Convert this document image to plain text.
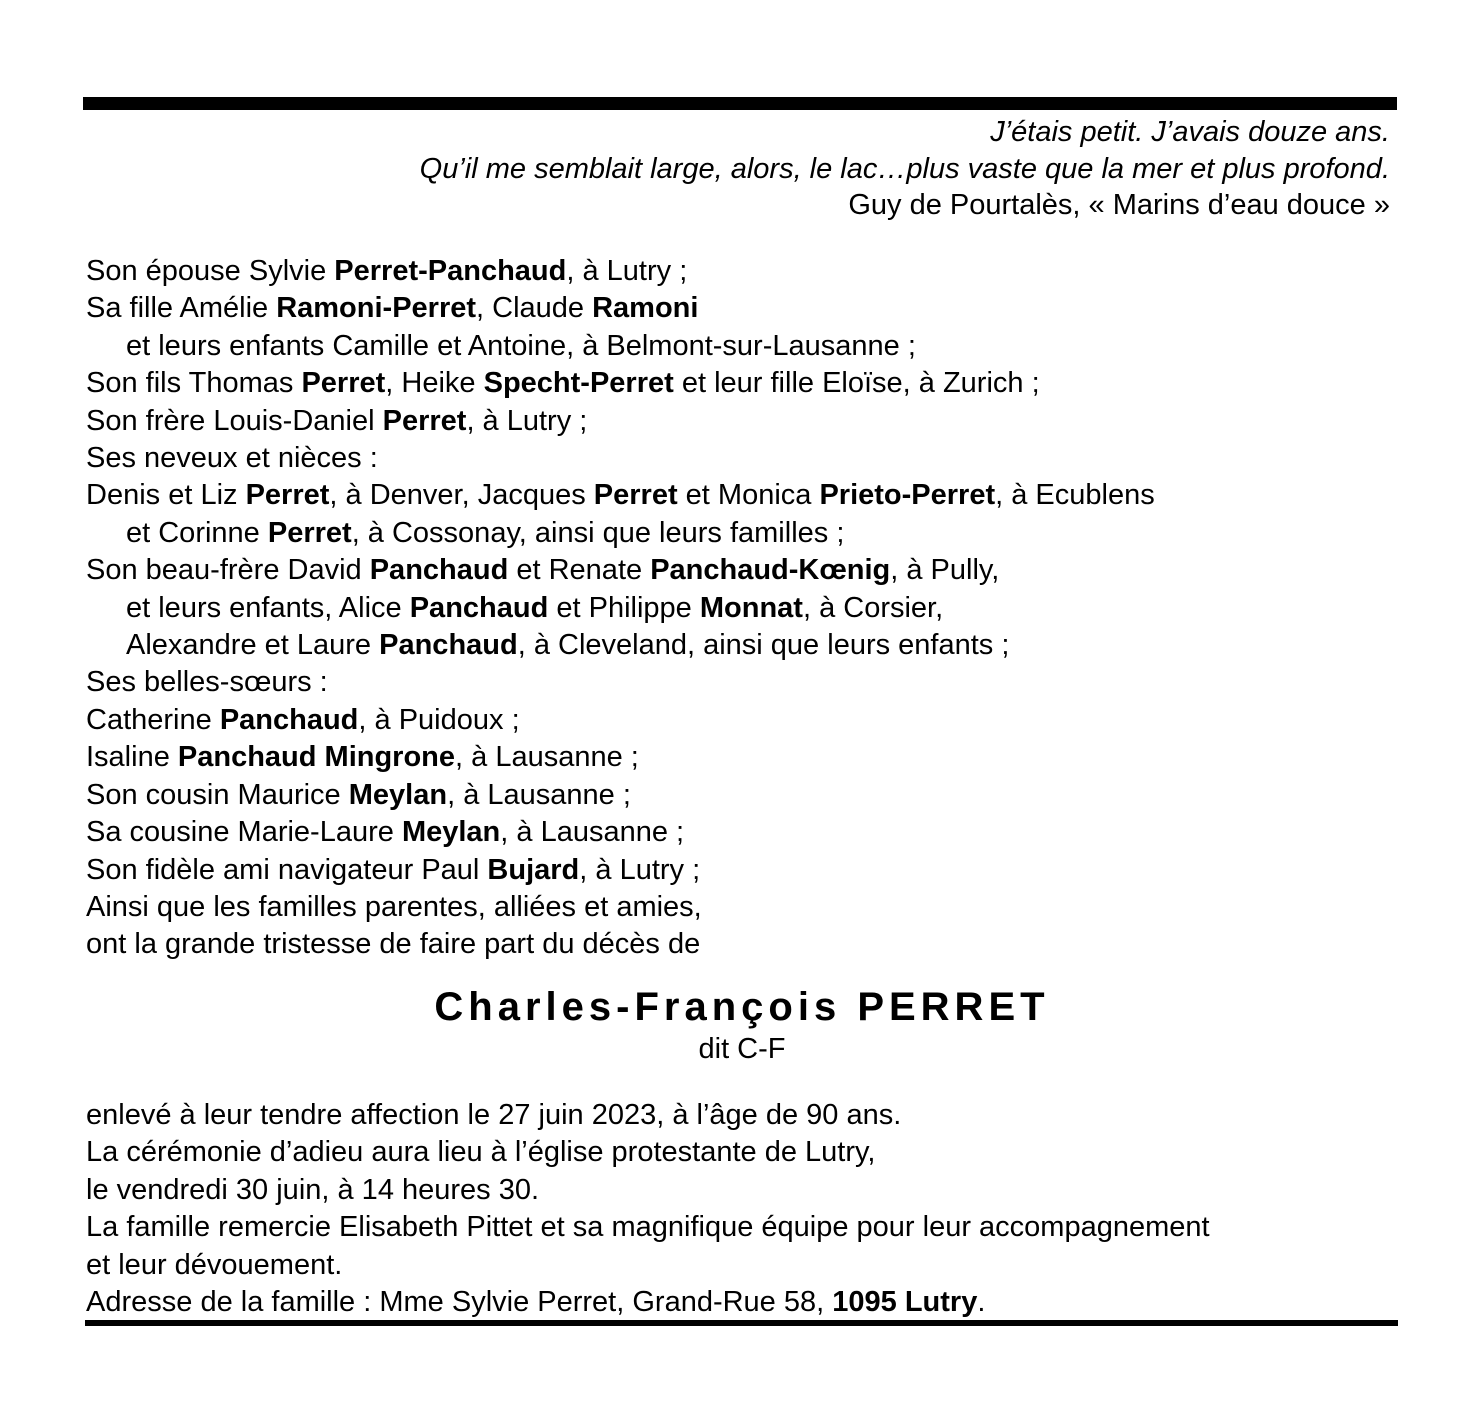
J’étais petit. J’avais douze ans.
Qu’il me semblait large, alors, le lac…plus vaste que la mer et plus profond.
Guy de Pourtalès, « Marins d’eau douce »
Son épouse Sylvie Perret-Panchaud, à Lutry ;
Sa fille Amélie Ramoni-Perret, Claude Ramoni
et leurs enfants Camille et Antoine, à Belmont-sur-Lausanne ;
Son fils Thomas Perret, Heike Specht-Perret et leur fille Eloïse, à Zurich ;
Son frère Louis-Daniel Perret, à Lutry ;
Ses neveux et nièces :
Denis et Liz Perret, à Denver, Jacques Perret et Monica Prieto-Perret, à Ecublens
et Corinne Perret, à Cossonay, ainsi que leurs familles ;
Son beau-frère David Panchaud et Renate Panchaud-Kœnig, à Pully,
et leurs enfants, Alice Panchaud et Philippe Monnat, à Corsier,
Alexandre et Laure Panchaud, à Cleveland, ainsi que leurs enfants ;
Ses belles-sœurs :
Catherine Panchaud, à Puidoux ;
Isaline Panchaud Mingrone, à Lausanne ;
Son cousin Maurice Meylan, à Lausanne ;
Sa cousine Marie-Laure Meylan, à Lausanne ;
Son fidèle ami navigateur Paul Bujard, à Lutry ;
Ainsi que les familles parentes, alliées et amies,
ont la grande tristesse de faire part du décès de
Charles-François PERRET
dit C-F
enlevé à leur tendre affection le 27 juin 2023, à l’âge de 90 ans.
La cérémonie d’adieu aura lieu à l’église protestante de Lutry,
le vendredi 30 juin, à 14 heures 30.
La famille remercie Elisabeth Pittet et sa magnifique équipe pour leur accompagnement
et leur dévouement.
Adresse de la famille : Mme Sylvie Perret, Grand-Rue 58, 1095 Lutry.
